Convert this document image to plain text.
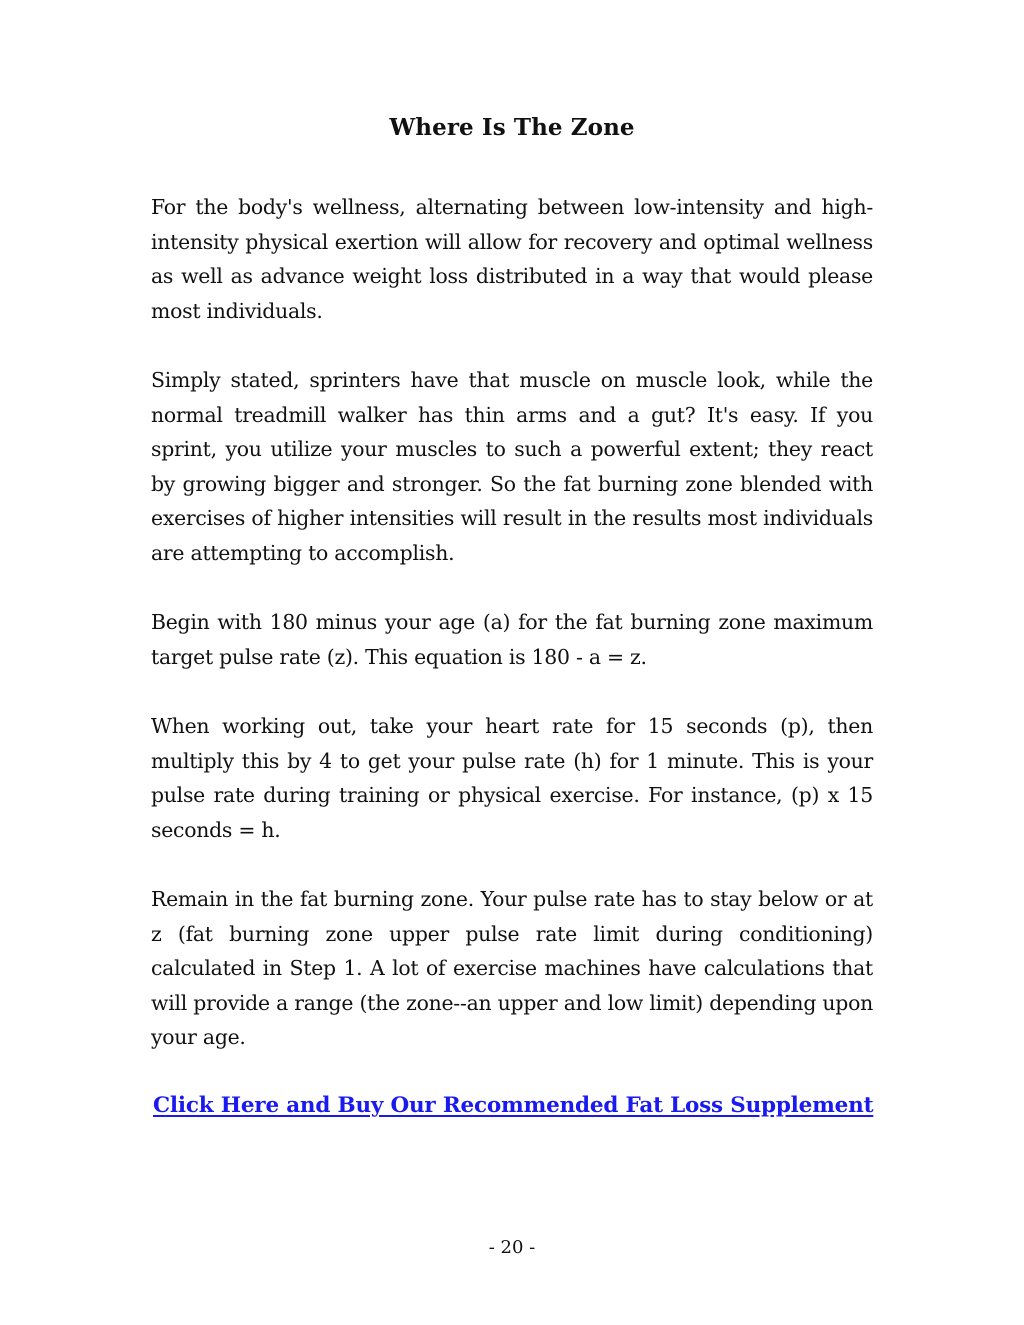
Where Is The Zone

For the body's wellness, alternating between low-intensity and high-intensity physical exertion will allow for recovery and optimal wellness as well as advance weight loss distributed in a way that would please most individuals.

Simply stated, sprinters have that muscle on muscle look, while the normal treadmill walker has thin arms and a gut? It's easy. If you sprint, you utilize your muscles to such a powerful extent; they react by growing bigger and stronger. So the fat burning zone blended with exercises of higher intensities will result in the results most individuals are attempting to accomplish.

Begin with 180 minus your age (a) for the fat burning zone maximum target pulse rate (z). This equation is 180 - a = z.

When working out, take your heart rate for 15 seconds (p), then multiply this by 4 to get your pulse rate (h) for 1 minute. This is your pulse rate during training or physical exercise. For instance, (p) x 15 seconds = h.

Remain in the fat burning zone. Your pulse rate has to stay below or at z (fat burning zone upper pulse rate limit during conditioning) calculated in Step 1. A lot of exercise machines have calculations that will provide a range (the zone--an upper and low limit) depending upon your age.

Click Here and Buy Our Recommended Fat Loss Supplement
- 20 -
